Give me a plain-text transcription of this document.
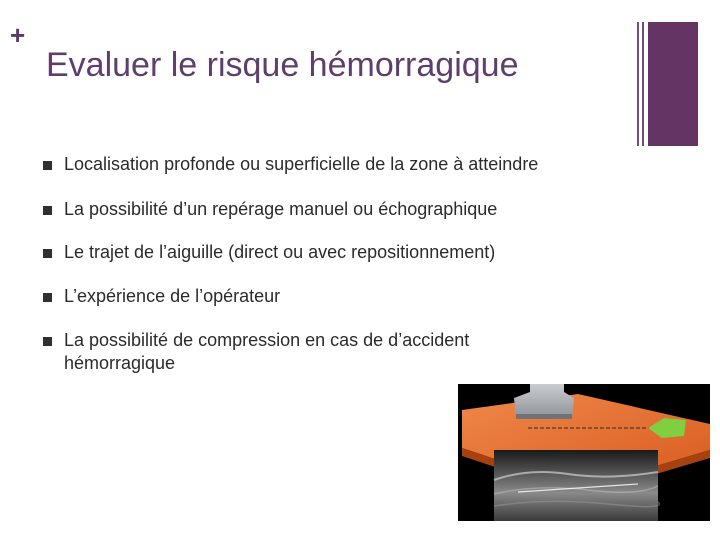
+
Evaluer le risque hémorragique
Localisation profonde ou superficielle de la zone à atteindre
La possibilité d’un repérage manuel ou échographique
Le trajet de l’aiguille (direct ou avec repositionnement)
L’expérience de l’opérateur
La possibilité de compression en cas de d’accident hémorragique
